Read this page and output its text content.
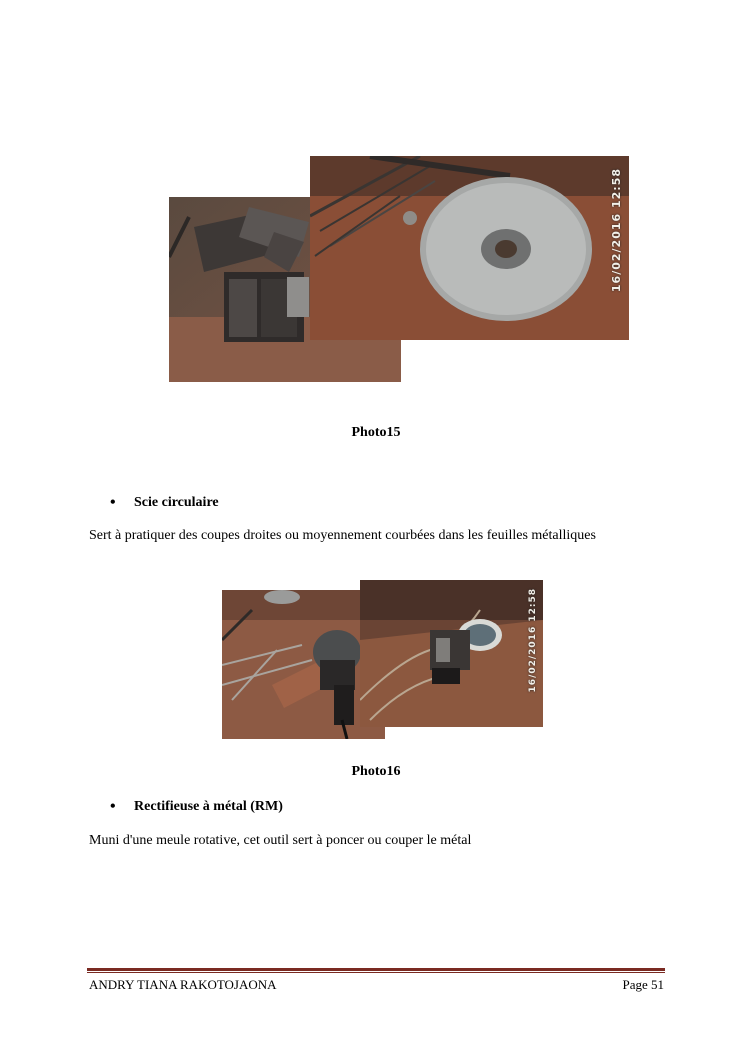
16/02/2016 12:58
Photo15
•	Scie circulaire
Sert à pratiquer des coupes droites ou moyennement courbées dans les feuilles métalliques
16/02/2016 12:58
Photo16
•	Rectifieuse à métal (RM)
Muni d'une meule rotative, cet outil sert à poncer ou couper le métal
ANDRY TIANA RAKOTOJAONA	Page 51
